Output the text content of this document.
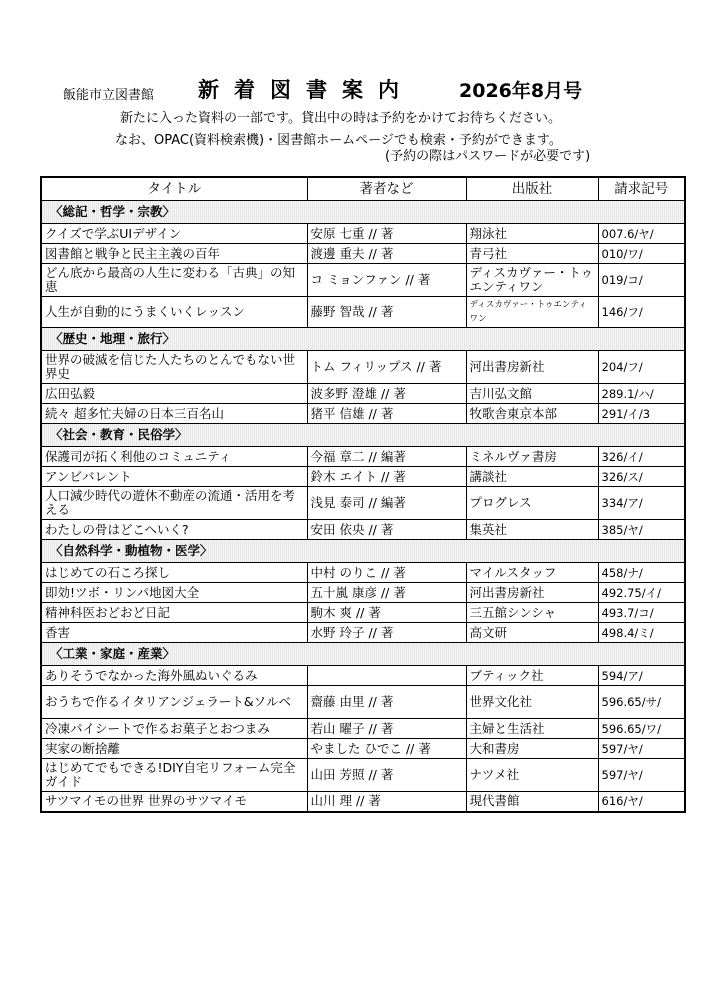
飯能市立図書館 新着図書案内 2026年8月号
新たに入った資料の一部です。貸出中の時は予約をかけてお待ちください。
なお、OPAC(資料検索機)・図書館ホームページでも検索・予約ができます。
(予約の際はパスワードが必要です)
タイトル	著者など	出版社	請求記号
〈総記・哲学・宗教〉			
クイズで学ぶUIデザイン	安原 七重 // 著	翔泳社	007.6/ヤ/
図書館と戦争と民主主義の百年	渡邊 重夫 // 著	青弓社	010/ワ/
どん底から最高の人生に変わる「古典」の知恵	コ ミョンファン // 著	ディスカヴァー・トゥエンティワン	019/コ/
人生が自動的にうまくいくレッスン	藤野 智哉 // 著	ディスカヴァー・トゥエンティワン	146/フ/
〈歴史・地理・旅行〉			
世界の破滅を信じた人たちのとんでもない世界史	トム フィリップス // 著	河出書房新社	204/フ/
広田弘毅	波多野 澄雄 // 著	吉川弘文館	289.1/ハ/
続々 超多忙夫婦の日本三百名山	猪平 信雄 // 著	牧歌舎東京本部	291/イ/3
〈社会・教育・民俗学〉			
保護司が拓く利他のコミュニティ	今福 章二 // 編著	ミネルヴァ書房	326/イ/
アンビバレント	鈴木 エイト // 著	講談社	326/ス/
人口減少時代の遊休不動産の流通・活用を考える	浅見 泰司 // 編著	プログレス	334/ア/
わたしの骨はどこへいく?	安田 依央 // 著	集英社	385/ヤ/
〈自然科学・動植物・医学〉			
はじめての石ころ探し	中村 のりこ // 著	マイルスタッフ	458/ナ/
即効!ツボ・リンパ地図大全	五十嵐 康彦 // 著	河出書房新社	492.75/イ/
精神科医おどおど日記	駒木 爽 // 著	三五館シンシャ	493.7/コ/
香害	水野 玲子 // 著	高文研	498.4/ミ/
〈工業・家庭・産業〉			
ありそうでなかった海外風ぬいぐるみ		ブティック社	594/ア/
おうちで作るイタリアンジェラート&ソルベ	齋藤 由里 // 著	世界文化社	596.65/サ/
冷凍パイシートで作るお菓子とおつまみ	若山 曜子 // 著	主婦と生活社	596.65/ワ/
実家の断捨離	やました ひでこ // 著	大和書房	597/ヤ/
はじめてでもできる!DIY自宅リフォーム完全ガイド	山田 芳照 // 著	ナツメ社	597/ヤ/
サツマイモの世界 世界のサツマイモ	山川 理 // 著	現代書館	616/ヤ/
